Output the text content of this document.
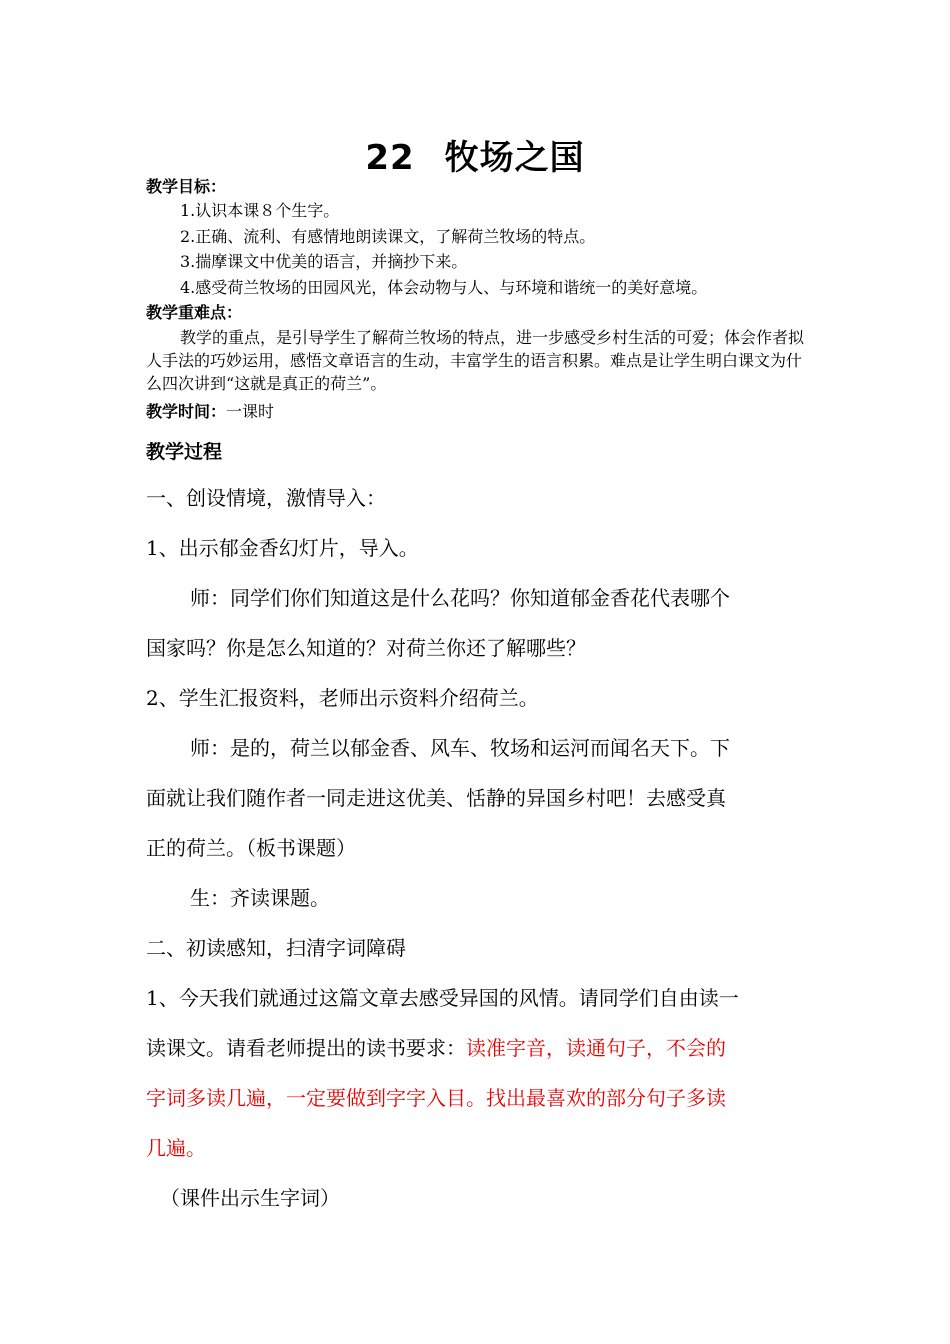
22 牧场之国
教学目标：
1.认识本课８个生字。
2.正确、流利、有感情地朗读课文，了解荷兰牧场的特点。
3.揣摩课文中优美的语言，并摘抄下来。
4.感受荷兰牧场的田园风光，体会动物与人、与环境和谐统一的美好意境。
教学重难点：
教学的重点，是引导学生了解荷兰牧场的特点，进一步感受乡村生活的可爱；体会作者拟人手法的巧妙运用，感悟文章语言的生动，丰富学生的语言积累。难点是让学生明白课文为什么四次讲到“这就是真正的荷兰”。
教学时间：一课时
教学过程
一、创设情境，激情导入：
1、出示郁金香幻灯片，导入。
师：同学们你们知道这是什么花吗？你知道郁金香花代表哪个
国家吗？你是怎么知道的？对荷兰你还了解哪些？
2、学生汇报资料，老师出示资料介绍荷兰。
师：是的，荷兰以郁金香、风车、牧场和运河而闻名天下。下
面就让我们随作者一同走进这优美、恬静的异国乡村吧！去感受真
正的荷兰。（板书课题）
生：齐读课题。
二、初读感知，扫清字词障碍
1、今天我们就通过这篇文章去感受异国的风情。请同学们自由读一
读课文。请看老师提出的读书要求：读准字音，读通句子，不会的
字词多读几遍，一定要做到字字入目。找出最喜欢的部分句子多读
几遍。
（课件出示生字词）
